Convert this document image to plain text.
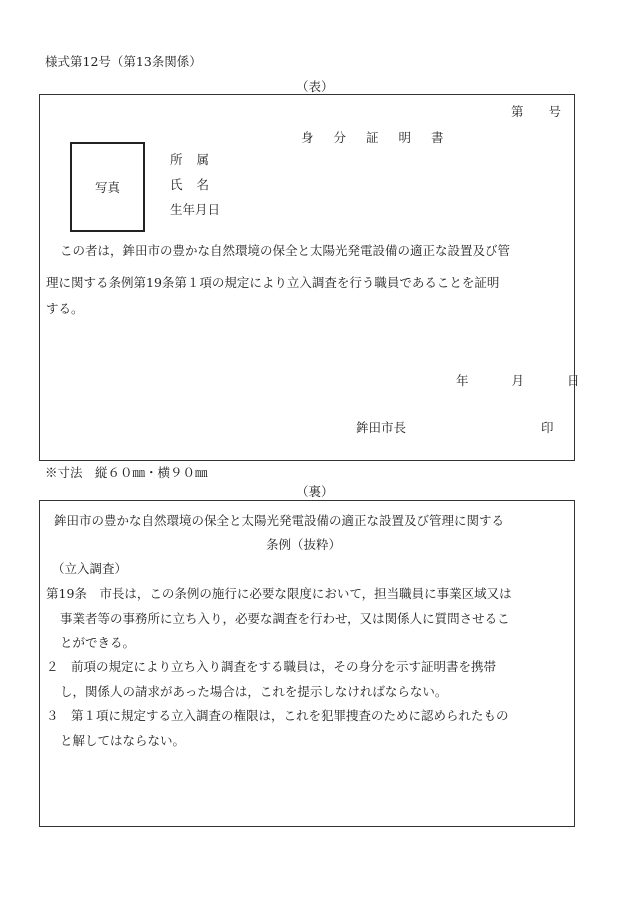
様式第12号（第13条関係）
（表）
第　　号
身分証明書
写真
所属
氏名
生年月日
この者は，鉾田市の豊かな自然環境の保全と太陽光発電設備の適正な設置及び管
理に関する条例第19条第１項の規定により立入調査を行う職員であることを証明
する。
年　　月　　日
鉾田市長	印
※寸法　縦６０㎜・横９０㎜
（裏）
鉾田市の豊かな自然環境の保全と太陽光発電設備の適正な設置及び管理に関する
条例（抜粋）
（立入調査）
第19条　市長は，この条例の施行に必要な限度において，担当職員に事業区域又は
事業者等の事務所に立ち入り，必要な調査を行わせ，又は関係人に質問させるこ
とができる。
２　前項の規定により立ち入り調査をする職員は，その身分を示す証明書を携帯
し，関係人の請求があった場合は，これを提示しなければならない。
３　第１項に規定する立入調査の権限は，これを犯罪捜査のために認められたもの
と解してはならない。
